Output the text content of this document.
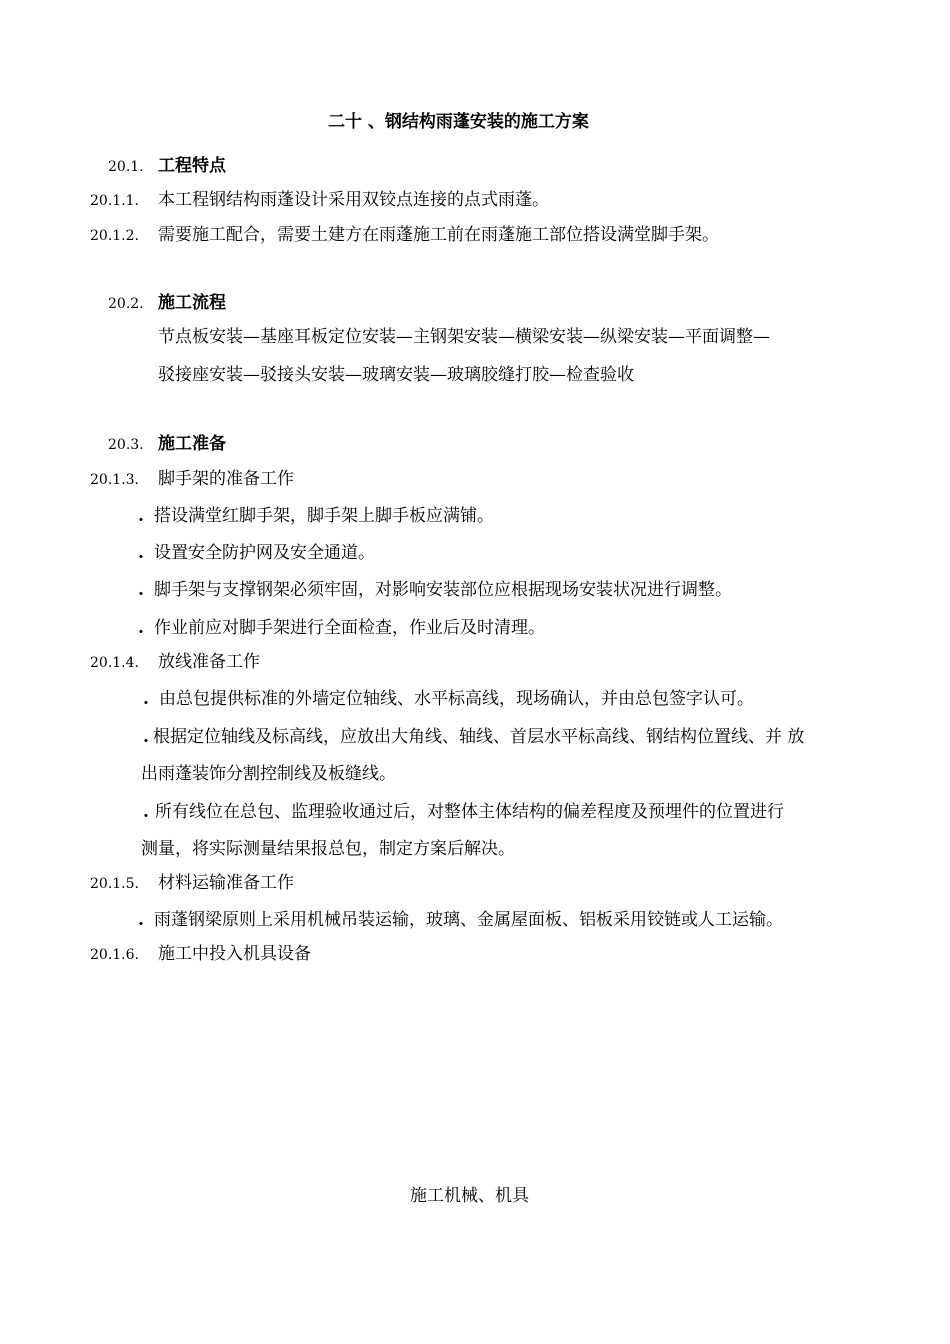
二十 、钢结构雨蓬安装的施工方案
20.1. 工程特点
20.1.1. 本工程钢结构雨蓬设计采用双铰点连接的点式雨蓬。
20.1.2. 需要施工配合，需要土建方在雨蓬施工前在雨蓬施工部位搭设满堂脚手架。
20.2. 施工流程
节点板安装—基座耳板定位安装—主钢架安装—横梁安装—纵梁安装—平面调整—
驳接座安装—驳接头安装—玻璃安装—玻璃胶缝打胶—检查验收
20.3. 施工准备
20.1.3. 脚手架的准备工作
. 搭设满堂红脚手架，脚手架上脚手板应满铺。
. 设置安全防护网及安全通道。
. 脚手架与支撑钢架必须牢固，对影响安装部位应根据现场安装状况进行调整。
. 作业前应对脚手架进行全面检查，作业后及时清理。
20.1.4. 放线准备工作
. 由总包提供标准的外墙定位轴线、水平标高线，现场确认，并由总包签字认可。
. 根据定位轴线及标高线，应放出大角线、轴线、首层水平标高线、钢结构位置线、并 放
出雨蓬装饰分割控制线及板缝线。
. 所有线位在总包、监理验收通过后，对整体主体结构的偏差程度及预埋件的位置进行
测量，将实际测量结果报总包，制定方案后解决。
20.1.5. 材料运输准备工作
. 雨蓬钢梁原则上采用机械吊装运输，玻璃、金属屋面板、铝板采用铰链或人工运输。
20.1.6. 施工中投入机具设备
施工机械、机具
